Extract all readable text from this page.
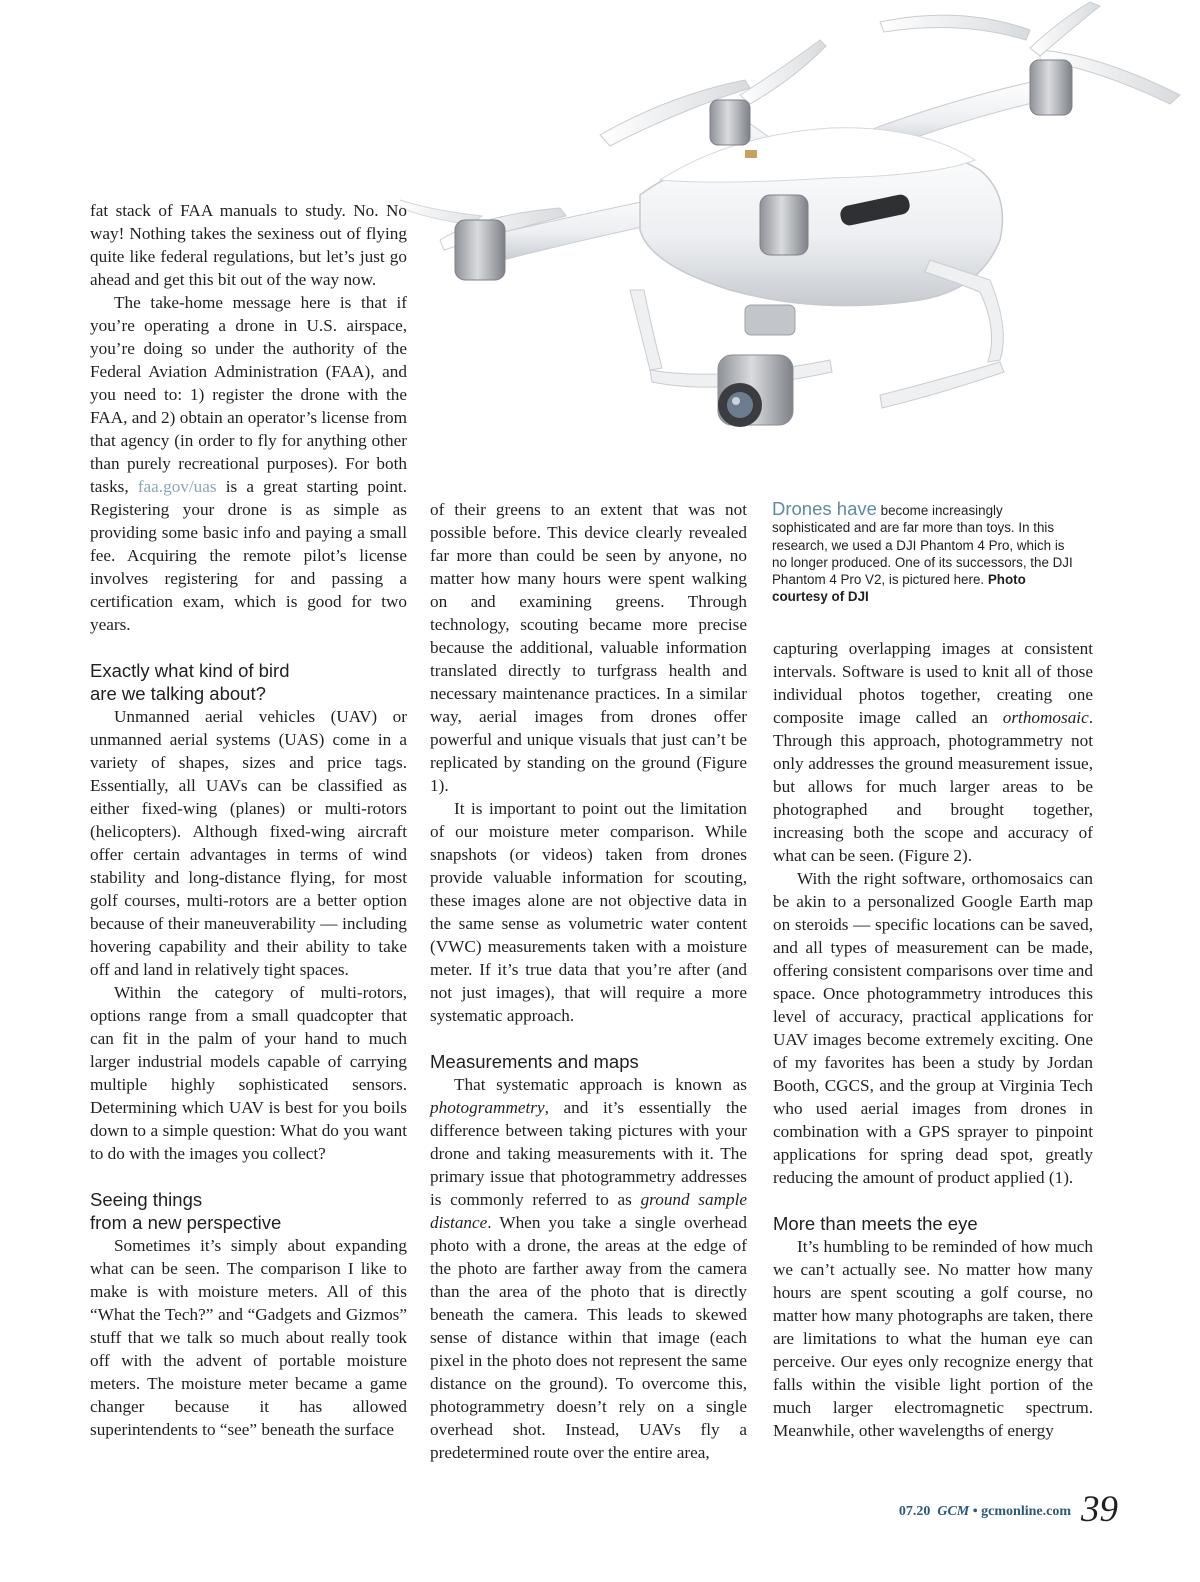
fat stack of FAA manuals to study. No. No way! Nothing takes the sexiness out of flying quite like federal regulations, but let’s just go ahead and get this bit out of the way now.

The take-home message here is that if you’re operating a drone in U.S. airspace, you’re doing so under the authority of the Federal Aviation Administration (FAA), and you need to: 1) register the drone with the FAA, and 2) obtain an operator’s license from that agency (in order to fly for anything other than purely recreational purposes). For both tasks, faa.gov/uas is a great starting point. Registering your drone is as simple as providing some basic info and paying a small fee. Acquiring the remote pilot’s license involves registering for and passing a certification exam, which is good for two years.

Exactly what kind of bird
are we talking about?

Unmanned aerial vehicles (UAV) or unmanned aerial systems (UAS) come in a variety of shapes, sizes and price tags. Essentially, all UAVs can be classified as either fixed-wing (planes) or multi-rotors (helicopters). Although fixed-wing aircraft offer certain advantages in terms of wind stability and long-distance flying, for most golf courses, multi-rotors are a better option because of their maneuverability — including hovering capability and their ability to take off and land in relatively tight spaces.

Within the category of multi-rotors, options range from a small quadcopter that can fit in the palm of your hand to much larger industrial models capable of carrying multiple highly sophisticated sensors. Determining which UAV is best for you boils down to a simple question: What do you want to do with the images you collect?

Seeing things
from a new perspective

Sometimes it’s simply about expanding what can be seen. The comparison I like to make is with moisture meters. All of this “What the Tech?” and “Gadgets and Gizmos” stuff that we talk so much about really took off with the advent of portable moisture meters. The moisture meter became a game changer because it has allowed superintendents to “see” beneath the surface

of their greens to an extent that was not possible before. This device clearly revealed far more than could be seen by anyone, no matter how many hours were spent walking on and examining greens. Through technology, scouting became more precise because the additional, valuable information translated directly to turfgrass health and necessary maintenance practices. In a similar way, aerial images from drones offer powerful and unique visuals that just can’t be replicated by standing on the ground (Figure 1).

It is important to point out the limitation of our moisture meter comparison. While snapshots (or videos) taken from drones provide valuable information for scouting, these images alone are not objective data in the same sense as volumetric water content (VWC) measurements taken with a moisture meter. If it’s true data that you’re after (and not just images), that will require a more systematic approach.

Measurements and maps

That systematic approach is known as photogrammetry, and it’s essentially the difference between taking pictures with your drone and taking measurements with it. The primary issue that photogrammetry addresses is commonly referred to as ground sample distance. When you take a single overhead photo with a drone, the areas at the edge of the photo are farther away from the camera than the area of the photo that is directly beneath the camera. This leads to skewed sense of distance within that image (each pixel in the photo does not represent the same distance on the ground). To overcome this, photogrammetry doesn’t rely on a single overhead shot. Instead, UAVs fly a predetermined route over the entire area,

Drones have become increasingly sophisticated and are far more than toys. In this research, we used a DJI Phantom 4 Pro, which is no longer produced. One of its successors, the DJI Phantom 4 Pro V2, is pictured here. Photo courtesy of DJI

capturing overlapping images at consistent intervals. Software is used to knit all of those individual photos together, creating one composite image called an orthomosaic. Through this approach, photogrammetry not only addresses the ground measurement issue, but allows for much larger areas to be photographed and brought together, increasing both the scope and accuracy of what can be seen. (Figure 2).

With the right software, orthomosaics can be akin to a personalized Google Earth map on steroids — specific locations can be saved, and all types of measurement can be made, offering consistent comparisons over time and space. Once photogrammetry introduces this level of accuracy, practical applications for UAV images become extremely exciting. One of my favorites has been a study by Jordan Booth, CGCS, and the group at Virginia Tech who used aerial images from drones in combination with a GPS sprayer to pinpoint applications for spring dead spot, greatly reducing the amount of product applied (1).

More than meets the eye

It’s humbling to be reminded of how much we can’t actually see. No matter how many hours are spent scouting a golf course, no matter how many photographs are taken, there are limitations to what the human eye can perceive. Our eyes only recognize energy that falls within the visible light portion of the much larger electromagnetic spectrum. Meanwhile, other wavelengths of energy

07.20 GCM • gcmonline.com 39
